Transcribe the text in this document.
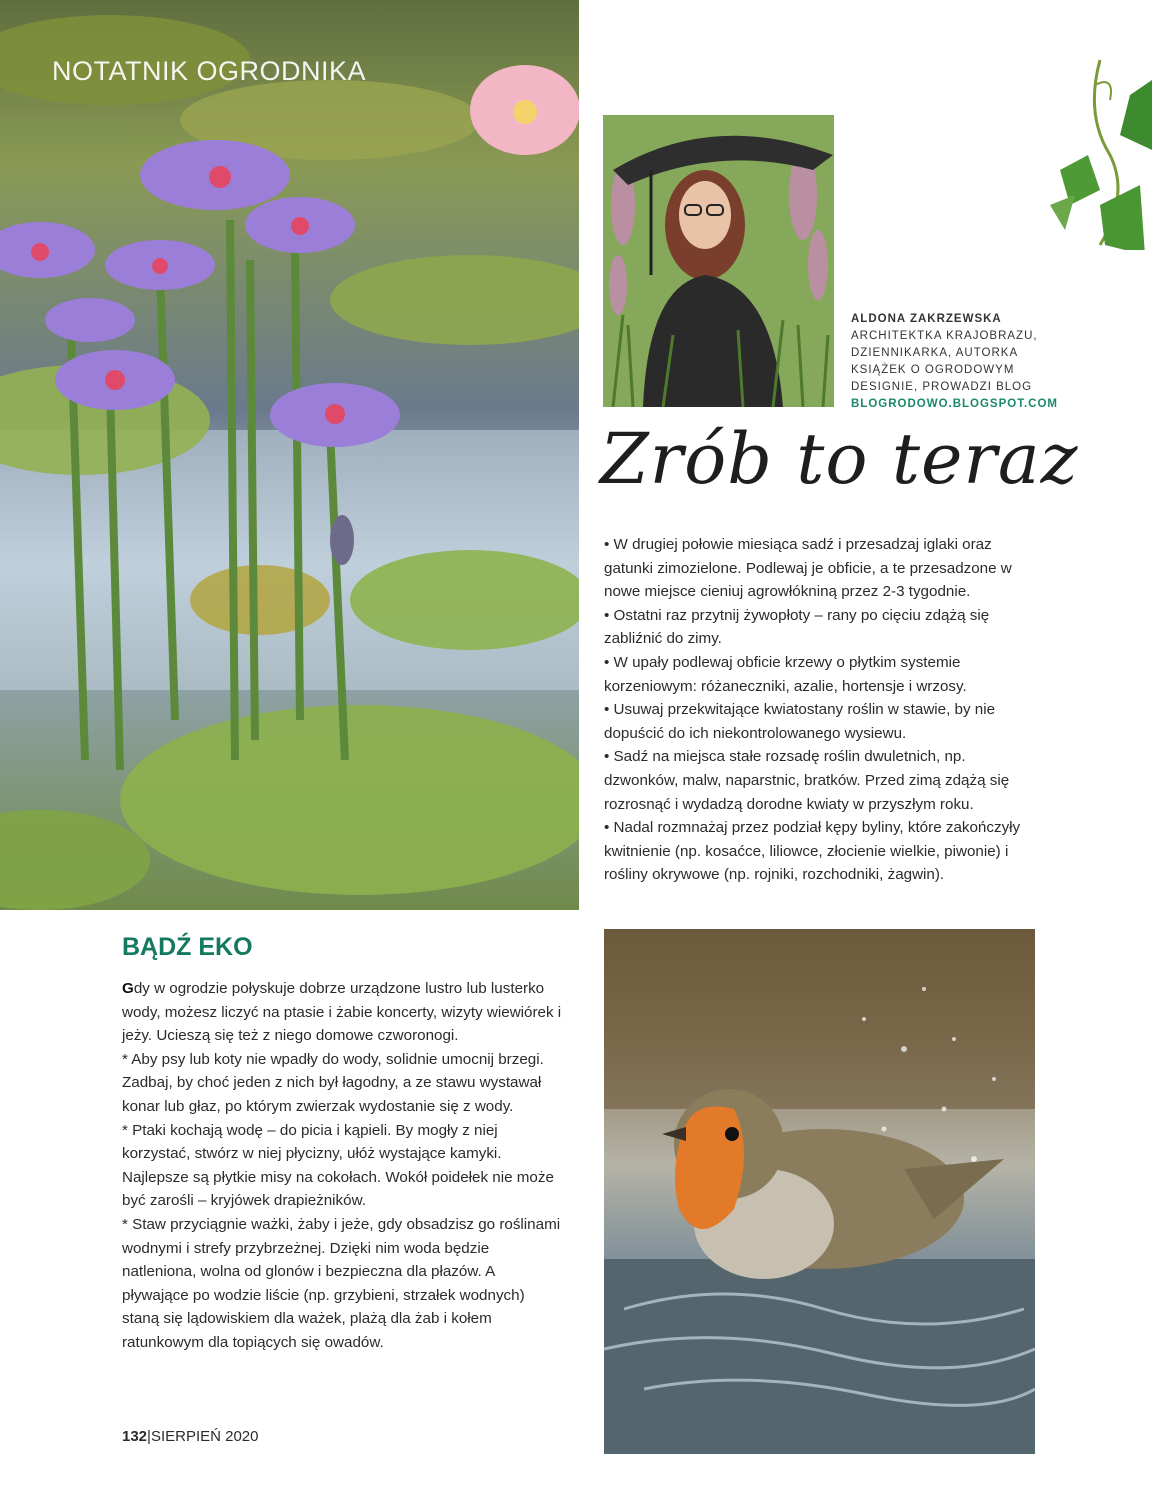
NOTATNIK OGRODNIKA
ALDONA ZAKRZEWSKA
ARCHITEKTKA KRAJOBRAZU,
DZIENNIKARKA, AUTORKA
KSIĄŻEK O OGRODOWYM
DESIGNIE, PROWADZI BLOG
BLOGRODOWO.BLOGSPOT.COM
Zrób to teraz
• W drugiej połowie miesiąca sadź i przesadzaj iglaki oraz gatunki zimozielone. Podlewaj je obficie, a te przesadzone w nowe miejsce cieniuj agrowłókniną przez 2-3 tygodnie.
• Ostatni raz przytnij żywopłoty – rany po cięciu zdążą się zabliźnić do zimy.
• W upały podlewaj obficie krzewy o płytkim systemie korzeniowym: różaneczniki, azalie, hortensje i wrzosy.
• Usuwaj przekwitające kwiatostany roślin w stawie, by nie dopuścić do ich niekontrolowanego wysiewu.
• Sadź na miejsca stałe rozsadę roślin dwuletnich, np. dzwonków, malw, naparstnic, bratków. Przed zimą zdążą się rozrosnąć i wydadzą dorodne kwiaty w przyszłym roku.
• Nadal rozmnażaj przez podział kępy byliny, które zakończyły kwitnienie (np. kosaćce, liliowce, złocienie wielkie, piwonie) i rośliny okrywowe (np. rojniki, rozchodniki, żagwin).
BĄDŹ EKO
Gdy w ogrodzie połyskuje dobrze urządzone lustro lub lusterko wody, możesz liczyć na ptasie i żabie koncerty, wizyty wiewiórek i jeży. Ucieszą się też z niego domowe czworonogi.
* Aby psy lub koty nie wpadły do wody, solidnie umocnij brzegi. Zadbaj, by choć jeden z nich był łagodny, a ze stawu wystawał konar lub głaz, po którym zwierzak wydostanie się z wody.
* Ptaki kochają wodę – do picia i kąpieli. By mogły z niej korzystać, stwórz w niej płycizny, ułóż wystające kamyki. Najlepsze są płytkie misy na cokołach. Wokół poidełek nie może być zarośli – kryjówek drapieżników.
* Staw przyciągnie ważki, żaby i jeże, gdy obsadzisz go roślinami wodnymi i strefy przybrzeżnej. Dzięki nim woda będzie natleniona, wolna od glonów i bezpieczna dla płazów. A pływające po wodzie liście (np. grzybieni, strzałek wodnych) staną się lądowiskiem dla ważek, plażą dla żab i kołem ratunkowym dla topiących się owadów.
132|SIERPIEŃ 2020
